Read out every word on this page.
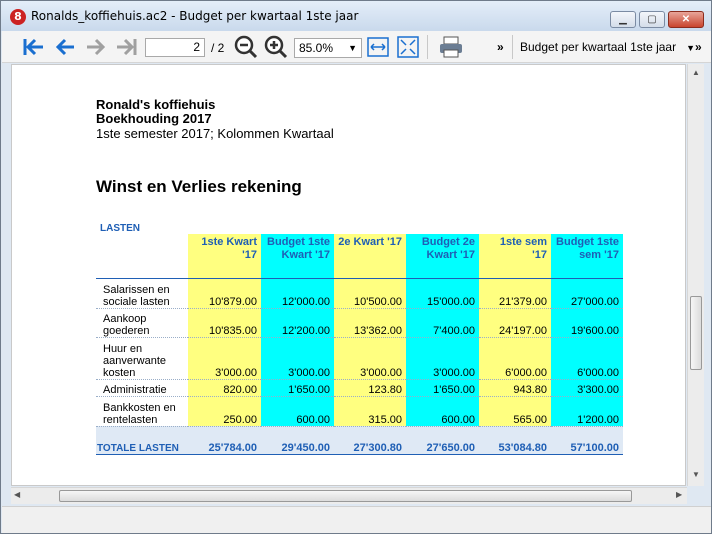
8 Ronalds_koffiehuis.ac2 - Budget per kwartaal 1ste jaar	▁	▢	✕
2 / 2	85.0% ▼	» Budget per kwartaal 1ste jaar ▼ »
Ronald's koffiehuis
Boekhouding 2017
1ste semester 2017; Kolommen Kwartaal
Winst en Verlies rekening
LASTEN						
	1ste Kwart '17	Budget 1ste Kwart '17	2e Kwart '17	Budget 2e Kwart '17	1ste sem '17	Budget 1ste sem '17
Salarissen en sociale lasten	10'879.00	12'000.00	10'500.00	15'000.00	21'379.00	27'000.00
Aankoop goederen	10'835.00	12'200.00	13'362.00	7'400.00	24'197.00	19'600.00
Huur en aanverwante kosten	3'000.00	3'000.00	3'000.00	3'000.00	6'000.00	6'000.00
Administratie	820.00	1'650.00	123.80	1'650.00	943.80	3'300.00
Bankkosten en rentelasten	250.00	600.00	315.00	600.00	565.00	1'200.00
TOTALE LASTEN	25'784.00	29'450.00	27'300.80	27'650.00	53'084.80	57'100.00
▲
▼
◀	▶
